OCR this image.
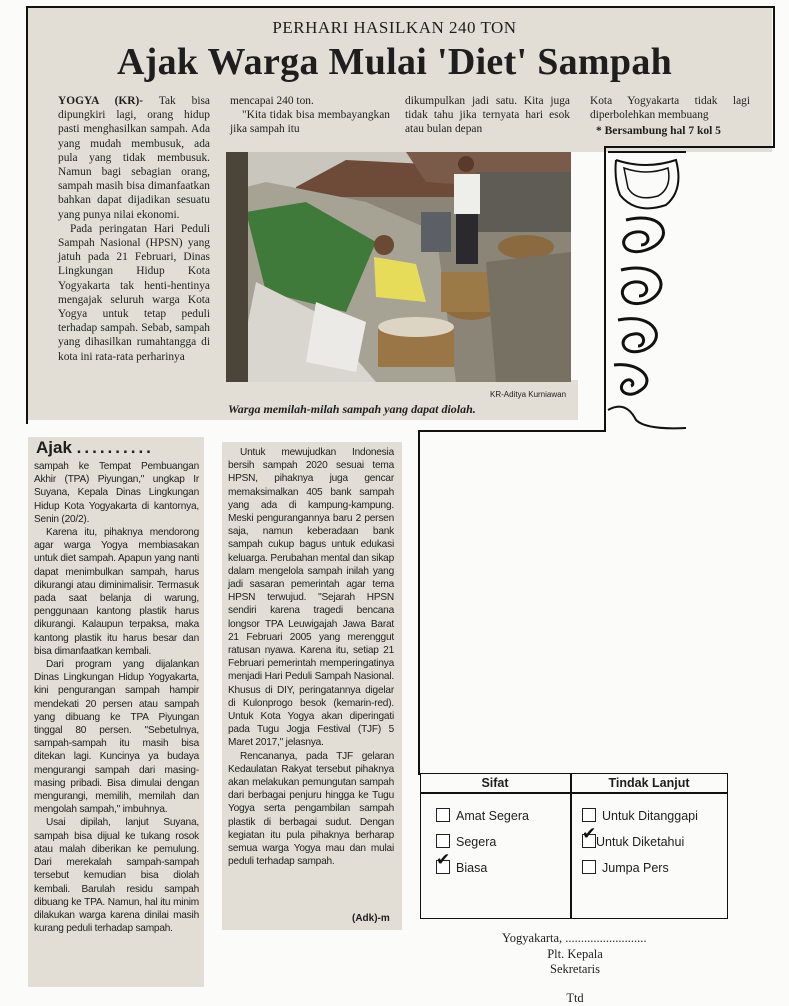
PERHARI HASILKAN 240 TON
Ajak Warga Mulai 'Diet' Sampah

YOGYA (KR)- Tak bisa dipungkiri lagi, orang hidup pasti menghasilkan sampah. Ada yang mudah membusuk, ada pula yang tidak membusuk. Namun bagi sebagian orang, sampah masih bisa dimanfaatkan bahkan dapat dijadikan sesuatu yang punya nilai ekonomi.

Pada peringatan Hari Peduli Sampah Nasional (HPSN) yang jatuh pada 21 Februari, Dinas Lingkungan Hidup Kota Yogyakarta tak henti-hentinya mengajak seluruh warga Kota Yogya untuk tetap peduli terhadap sampah. Sebab, sampah yang dihasilkan rumahtangga di kota ini rata-rata perharinya

mencapai 240 ton.

"Kita tidak bisa membayangkan jika sampah itu

dikumpulkan jadi satu. Kita juga tidak tahu jika ternyata hari esok atau bulan depan
Kota Yogyakarta tidak lagi diperbolehkan membuang
* Bersambung hal 7 kol 5
KR-Aditya Kurniawan
Warga memilah-milah sampah yang dapat diolah.
Ajak ..........

sampah ke Tempat Pembuangan Akhir (TPA) Piyungan," ungkap Ir Suyana, Kepala Dinas Lingkungan Hidup Kota Yogyakarta di kantornya, Senin (20/2).

Karena itu, pihaknya mendorong agar warga Yogya membiasakan untuk diet sampah. Apapun yang nanti dapat menimbulkan sampah, harus dikurangi atau diminimalisir. Termasuk pada saat belanja di warung, penggunaan kantong plastik harus dikurangi. Kalaupun terpaksa, maka kantong plastik itu harus besar dan bisa dimanfaatkan kembali.

Dari program yang dijalankan Dinas Lingkungan Hidup Yogyakarta, kini pengurangan sampah hampir mendekati 20 persen atau sampah yang dibuang ke TPA Piyungan tinggal 80 persen. "Sebetulnya, sampah-sampah itu masih bisa ditekan lagi. Kuncinya ya budaya mengurangi sampah dari masing-masing pribadi. Bisa dimulai dengan mengurangi, memilih, memilah dan mengolah sampah," imbuhnya.

Usai dipilah, lanjut Suyana, sampah bisa dijual ke tukang rosok atau malah diberikan ke pemulung. Dari merekalah sampah-sampah tersebut kemudian bisa diolah kembali. Barulah residu sampah dibuang ke TPA. Namun, hal itu minim dilakukan warga karena dinilai masih kurang peduli terhadap sampah.

Untuk mewujudkan Indonesia bersih sampah 2020 sesuai tema HPSN, pihaknya juga gencar memaksimalkan 405 bank sampah yang ada di kampung-kampung. Meski pengurangannya baru 2 persen saja, namun keberadaan bank sampah cukup bagus untuk edukasi keluarga. Perubahan mental dan sikap dalam mengelola sampah inilah yang jadi sasaran pemerintah agar tema HPSN terwujud. "Sejarah HPSN sendiri karena tragedi bencana longsor TPA Leuwigajah Jawa Barat 21 Februari 2005 yang merenggut ratusan nyawa. Karena itu, setiap 21 Februari pemerintah memperingatinya menjadi Hari Peduli Sampah Nasional. Khusus di DIY, peringatannya digelar di Kulonprogo besok (kemarin-red). Untuk Kota Yogya akan diperingati pada Tugu Jogja Festival (TJF) 5 Maret 2017," jelasnya.

Rencananya, pada TJF gelaran Kedaulatan Rakyat tersebut pihaknya akan melakukan pemungutan sampah dari berbagai penjuru hingga ke Tugu Yogya serta pengambilan sampah plastik di berbagai sudut. Dengan kegiatan itu pula pihaknya berharap semua warga Yogya mau dan mulai peduli terhadap sampah.

(Adk)-m
Sifat	Tindak Lanjut
Amat Segera
Segera
✔ Biasa
Untuk Ditanggapi
✔ Untuk Diketahui
Jumpa Pers
Yogyakarta, ..........................
Plt. Kepala
Sekretaris
Ttd
